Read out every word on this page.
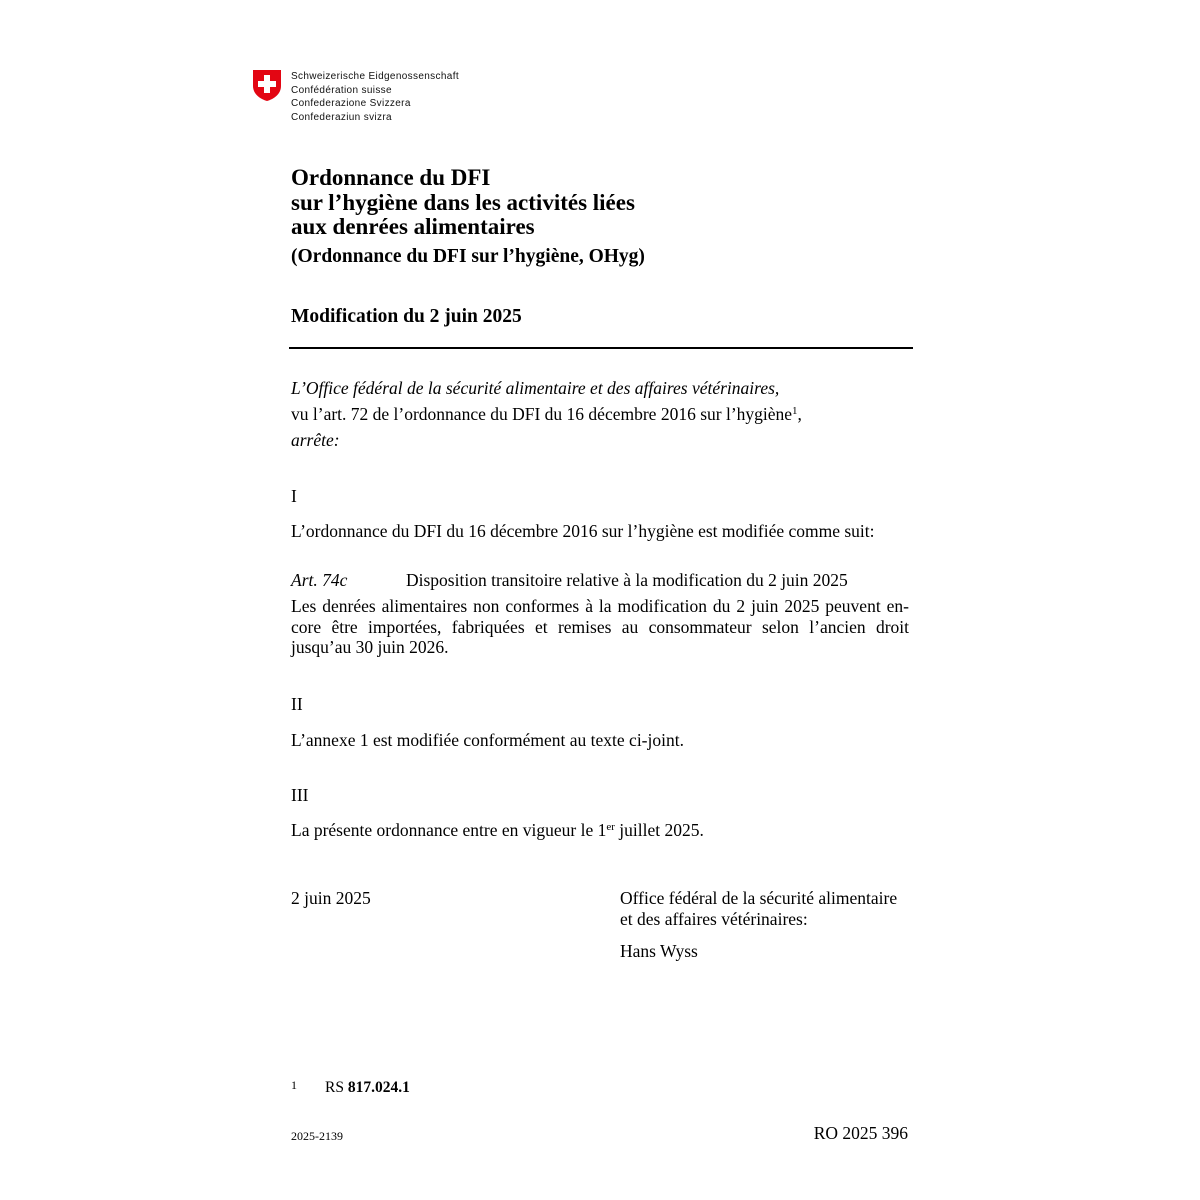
Schweizerische Eidgenossenschaft
Confédération suisse
Confederazione Svizzera
Confederaziun svizra
Ordonnance du DFI
sur l’hygiène dans les activités liées
aux denrées alimentaires
(Ordonnance du DFI sur l’hygiène, OHyg)
Modification du 2 juin 2025
L’Office fédéral de la sécurité alimentaire et des affaires vétérinaires,
vu l’art. 72 de l’ordonnance du DFI du 16 décembre 2016 sur l’hygiène$^1$,
arrête:
I
L’ordonnance du DFI du 16 décembre 2016 sur l’hygiène est modifiée comme suit:
Art. 74c	Disposition transitoire relative à la modification du 2 juin 2025
Les denrées alimentaires non conformes à la modification du 2 juin 2025 peuvent en-
core être importées, fabriquées et remises au consommateur selon l’ancien droit
jusqu’au 30 juin 2026.
II
L’annexe 1 est modifiée conformément au texte ci-joint.
III
La présente ordonnance entre en vigueur le 1er juillet 2025.
2 juin 2025	Office fédéral de la sécurité alimentaire
et des affaires vétérinaires:
Hans Wyss
1 RS 817.024.1
2025-2139	RO 2025 396
